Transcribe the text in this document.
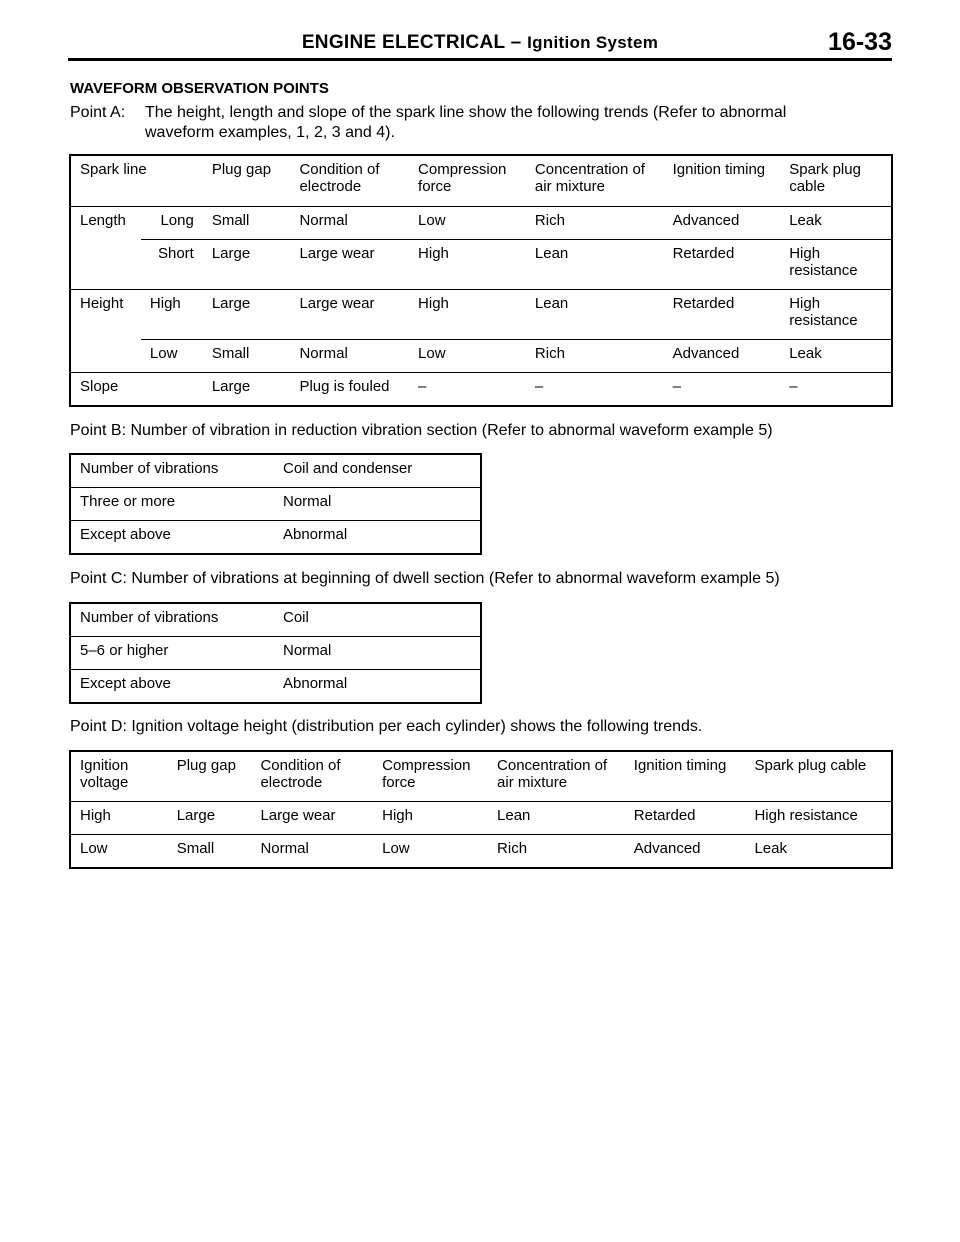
ENGINE ELECTRICAL – Ignition System	16-33
WAVEFORM OBSERVATION POINTS
Point A: The height, length and slope of the spark line show the following trends (Refer to abnormal
waveform examples, 1, 2, 3 and 4).
Spark line		Plug gap	Condition of electrode	Compression force	Concentration of air mixture	Ignition timing	Spark plug cable
Length	Long	Small	Normal	Low	Rich	Advanced	Leak
	Short	Large	Large wear	High	Lean	Retarded	High resistance
Height	High	Large	Large wear	High	Lean	Retarded	High resistance
	Low	Small	Normal	Low	Rich	Advanced	Leak
Slope		Large	Plug is fouled	–	–	–	–
Point B: Number of vibration in reduction vibration section (Refer to abnormal waveform example 5)
Number of vibrations	Coil and condenser
Three or more	Normal
Except above	Abnormal
Point C: Number of vibrations at beginning of dwell section (Refer to abnormal waveform example 5)
Number of vibrations	Coil
5–6 or higher	Normal
Except above	Abnormal
Point D: Ignition voltage height (distribution per each cylinder) shows the following trends.
Ignition voltage	Plug gap	Condition of electrode	Compression force	Concentration of air mixture	Ignition timing	Spark plug cable
High	Large	Large wear	High	Lean	Retarded	High resistance
Low	Small	Normal	Low	Rich	Advanced	Leak
